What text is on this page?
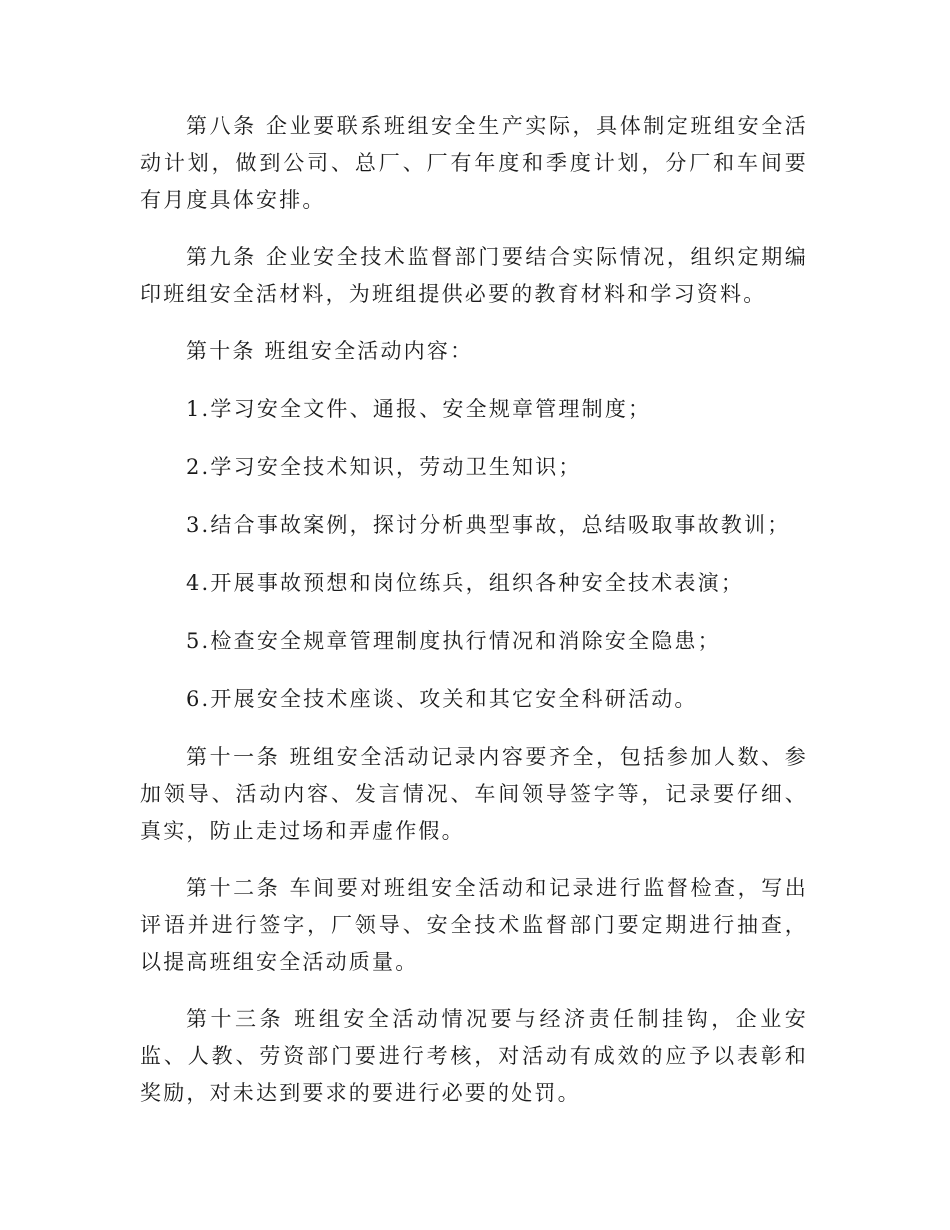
第八条 企业要联系班组安全生产实际，具体制定班组安全活动计划，做到公司、总厂、厂有年度和季度计划，分厂和车间要有月度具体安排。

第九条 企业安全技术监督部门要结合实际情况，组织定期编印班组安全活材料，为班组提供必要的教育材料和学习资料。

第十条 班组安全活动内容：

1.学习安全文件、通报、安全规章管理制度；

2.学习安全技术知识，劳动卫生知识；

3.结合事故案例，探讨分析典型事故，总结吸取事故教训；

4.开展事故预想和岗位练兵，组织各种安全技术表演；

5.检查安全规章管理制度执行情况和消除安全隐患；

6.开展安全技术座谈、攻关和其它安全科研活动。

第十一条 班组安全活动记录内容要齐全，包括参加人数、参加领导、活动内容、发言情况、车间领导签字等，记录要仔细、真实，防止走过场和弄虚作假。

第十二条 车间要对班组安全活动和记录进行监督检查，写出评语并进行签字，厂领导、安全技术监督部门要定期进行抽查，以提高班组安全活动质量。

第十三条 班组安全活动情况要与经济责任制挂钩，企业安监、人教、劳资部门要进行考核，对活动有成效的应予以表彰和奖励，对未达到要求的要进行必要的处罚。
